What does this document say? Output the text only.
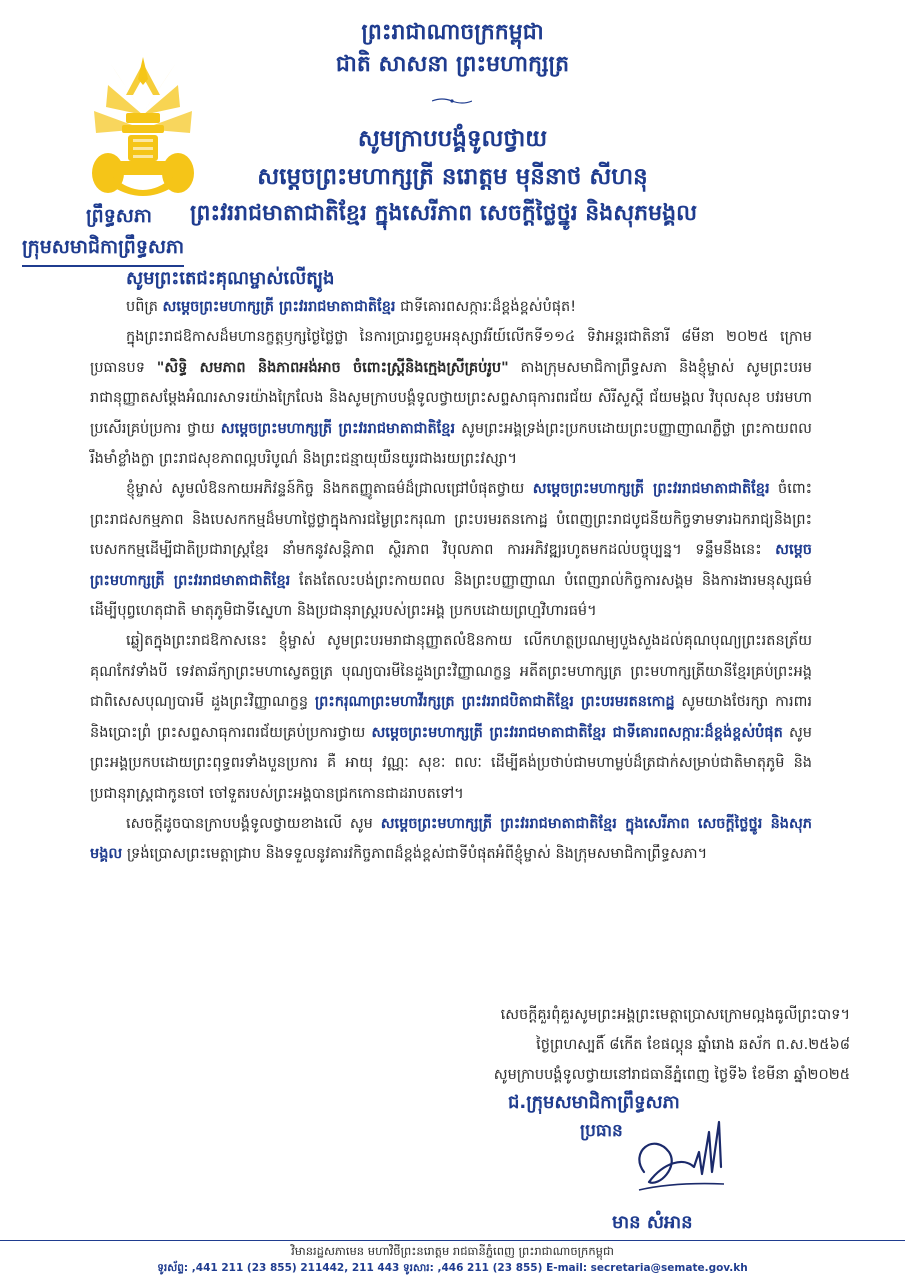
ព្រះរាជាណាចក្រកម្ពុជា
ជាតិ សាសនា ព្រះមហាក្សត្រ
សូមក្រាបបង្គំទូលថ្វាយ
សម្តេចព្រះមហាក្សត្រី នរោត្តម មុនីនាថ សីហនុ
ព្រះវររាជមាតាជាតិខ្មែរ ក្នុងសេរីភាព សេចក្តីថ្លៃថ្នូរ និងសុភមង្គល
ព្រឹទ្ធសភា
ក្រុមសមាជិកាព្រឹទ្ធសភា
សូមព្រះតេជះគុណម្ចាស់លើត្បូង

បពិត្រ សម្តេចព្រះមហាក្សត្រី ព្រះវររាជមាតាជាតិខ្មែរ ជាទីគោរពសក្ការៈដ៏ខ្ពង់ខ្ពស់បំផុត!

ក្នុងព្រះរាជឱកាសដ៏មហានក្ខត្តឫក្សថ្ងៃថ្លៃថ្លា នៃការប្រារព្ធខួបអនុស្សាវរីយ៍លើកទី១១៤ ទិវាអន្តរជាតិនារី ៨មីនា ២០២៥ ក្រោមប្រធានបទ "សិទ្ធិ សមភាព និងភាពអង់អាច ចំពោះស្ត្រីនិងក្មេងស្រីគ្រប់រូប" តាងក្រុមសមាជិកាព្រឹទ្ធសភា និងខ្ញុំម្ចាស់ សូមព្រះបរមរាជានុញ្ញាតសម្តែងអំណរសាទរយ៉ាងក្រៃលែង និងសូមក្រាបបង្គំទូលថ្វាយព្រះសព្ទសាធុការពរជ័យ សិរីសួស្តី ជ័យមង្គល វិបុលសុខ បវរមហាប្រសើរគ្រប់ប្រការ ថ្វាយ សម្តេចព្រះមហាក្សត្រី ព្រះវររាជមាតាជាតិខ្មែរ សូមព្រះអង្គទ្រង់ព្រះប្រកបដោយព្រះបញ្ញាញាណភ្លឺថ្លា ព្រះកាយពលរឹងមាំខ្លាំងក្លា ព្រះរាជសុខភាពល្អបរិបូណ៌ និងព្រះជន្មាយុយឺនយូរជាងរយព្រះវស្សា។

ខ្ញុំម្ចាស់ សូមលំឱនកាយអភិវន្ទន៍កិច្ច និងកតញ្ញូតាធម៌ដ៏ជ្រាលជ្រៅបំផុតថ្វាយ សម្តេចព្រះមហាក្សត្រី ព្រះវររាជមាតាជាតិខ្មែរ ចំពោះព្រះរាជសកម្មភាព និងបេសកកម្មដ៏មហាថ្លៃថ្លាក្នុងការជម្ងៃព្រះករុណា ព្រះបរមរតនកោដ្ឋ បំពេញព្រះរាជបូជនីយកិច្ចទាមទារឯករាជ្យនិងព្រះបេសកកម្មដើម្បីជាតិប្រជារាស្ត្រខ្មែរ នាំមកនូវសន្តិភាព ស្ថិរភាព វិបុលភាព ការអភិវឌ្ឍរហូតមកដល់បច្ចុប្បន្ន។ ទន្ទឹមនឹងនេះ សម្តេចព្រះមហាក្សត្រី ព្រះវររាជមាតាជាតិខ្មែរ តែងតែលះបង់ព្រះកាយពល និងព្រះបញ្ញាញាណ បំពេញរាល់កិច្ចការសង្គម និងការងារមនុស្សធម៌ ដើម្បីបុព្វហេតុជាតិ មាតុភូមិជាទីស្នេហា និងប្រជានុរាស្ត្ររបស់ព្រះអង្គ ប្រកបដោយព្រហ្មវិហារធម៌។

ឆ្លៀតក្នុងព្រះរាជឱកាសនេះ ខ្ញុំម្ចាស់ សូមព្រះបរមរាជានុញ្ញាតលំឱនកាយ លើកហត្ថប្រណម្យបួងសួងដល់គុណបុណ្យព្រះរតនត្រ័យ គុណកែវទាំងបី ទេវតាឆ័ក្យាព្រះមហាស្វេតច្ឆត្រ បុណ្យបារមីនៃដួងព្រះវិញ្ញាណក្ខន្ធ អតីតព្រះមហាក្សត្រ ព្រះមហាក្សត្រីយានីខ្មែរគ្រប់ព្រះអង្គ ជាពិសេសបុណ្យបារមី ដួងព្រះវិញ្ញាណក្ខន្ធ ព្រះករុណាព្រះមហាវីរក្សត្រ ព្រះវររាជបិតាជាតិខ្មែរ ព្រះបរមរតនកោដ្ឋ សូមយាងថែរក្សា ការពារ និងប្រោះព្រំ ព្រះសព្ទសាធុការពរជ័យគ្រប់ប្រការថ្វាយ សម្តេចព្រះមហាក្សត្រី ព្រះវររាជមាតាជាតិខ្មែរ ជាទីគោរពសក្ការៈដ៏ខ្ពង់ខ្ពស់បំផុត សូមព្រះអង្គប្រកបដោយព្រះពុទ្ធពរទាំងបួនប្រការ គឺ អាយុ វណ្ណៈ សុខៈ ពលៈ ដើម្បីគង់ប្រថាប់ជាមហាម្លប់ដ៏ត្រជាក់សម្រាប់ជាតិមាតុភូមិ និងប្រជានុរាស្ត្រជាកូនចៅ ចៅទួតរបស់ព្រះអង្គបានជ្រកកោនជាដរាបតទៅ។

សេចក្តីដូចបានក្រាបបង្គំទូលថ្វាយខាងលើ សូម សម្តេចព្រះមហាក្សត្រី ព្រះវររាជមាតាជាតិខ្មែរ ក្នុងសេរីភាព សេចក្តីថ្លៃថ្នូរ និងសុភមង្គល ទ្រង់ប្រោសព្រះមេត្តាជ្រាប និងទទួលនូវគារវកិច្ចភាពដ៏ខ្ពង់ខ្ពស់ជាទីបំផុតអំពីខ្ញុំម្ចាស់ និងក្រុមសមាជិកាព្រឹទ្ធសភា។

សេចក្តីគួរពុំគួរសូមព្រះអង្គព្រះមេត្តាប្រោសក្រោមល្អងធូលីព្រះបាទ។
ថ្ងៃព្រហស្បតិ៍ ៨កើត ខែផល្គុន ឆ្នាំរោង ឆស័ក ព.ស.២៥៦៨
សូមក្រាបបង្គំទូលថ្វាយនៅរាជធានីភ្នំពេញ ថ្ងៃទី៦ ខែមីនា ឆ្នាំ២០២៥
ជ.ក្រុមសមាជិកាព្រឹទ្ធសភា
ប្រធាន
មាន សំអាន
វិមានរដ្ឋសភាមេន មហាវិថីព្រះនរោត្តម រាជធានីភ្នំពេញ ព្រះរាជាណាចក្រកម្ពុជា
ទូរស័ព្ទ: ,441 211 (23 855) 211442, 211 443 ទូរសារ: ,446 211 (23 855) E-mail: secretaria@semate.gov.kh
